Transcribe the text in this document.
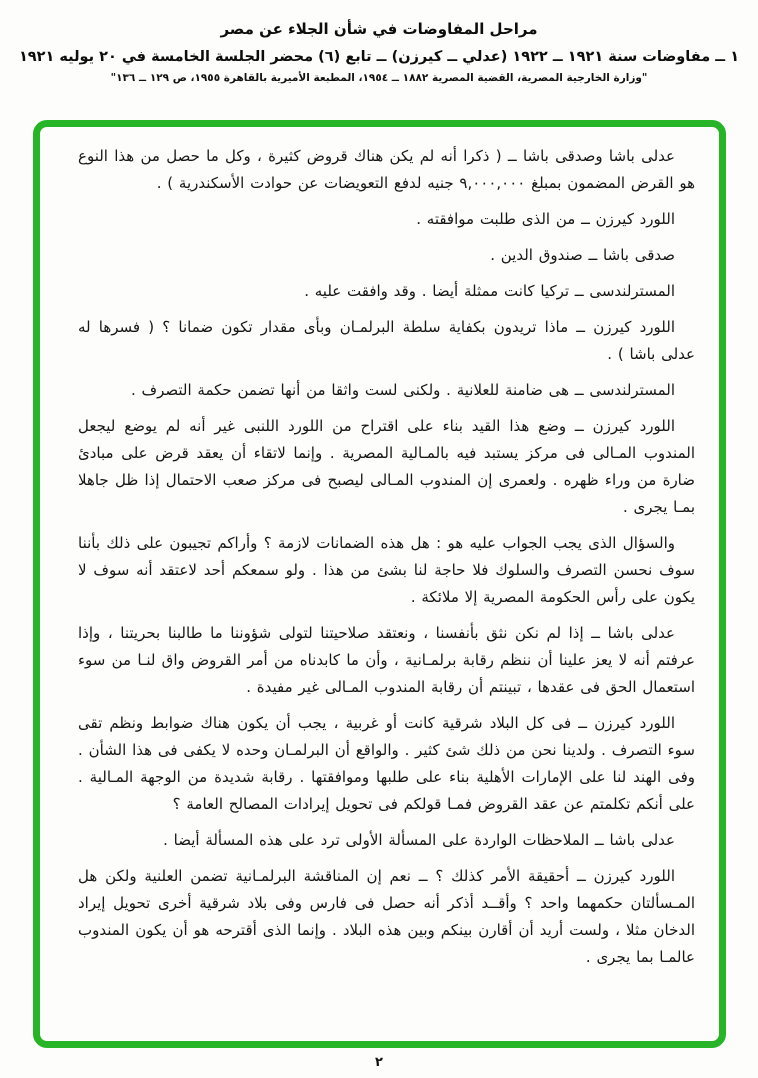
مراحل المفاوضات في شأن الجلاء عن مصر
١ ــ مفاوضات سنة ١٩٢١ ــ ١٩٢٢ (عدلي ــ كيرزن) ــ تابع (٦) محضر الجلسة الخامسة في ٢٠ يوليه ١٩٢١
"وزارة الخارجية المصرية، القضية المصرية ١٨٨٢ ــ ١٩٥٤، المطبعة الأميرية بالقاهرة ١٩٥٥، ص ١٢٩ ــ ١٣٦"

عدلى باشا وصدقى باشا ــ ( ذكرا أنه لم يكن هناك قروض كثيرة ، وكل ما حصل من هذا النوع هو القرض المضمون بمبلغ ٩,٠٠٠,٠٠٠ جنيه لدفع التعويضات عن حوادت الأسكندرية ) .

اللورد كيرزن ــ من الذى طلبت موافقته .

صدقى باشا ــ صندوق الدين .

المسترلندسى ــ تركيا كانت ممثلة أيضا . وقد وافقت عليه .

اللورد كيرزن ــ ماذا تريدون بكفاية سلطة البرلمـان وبأى مقدار تكون ضمانا ؟ ( فسرها له عدلى باشا ) .

المسترلندسى ــ هى ضامنة للعلانية . ولكنى لست واثقا من أنها تضمن حكمة التصرف .

اللورد كيرزن ــ وضع هذا القيد بناء على اقتراح من اللورد اللنبى غير أنه لم يوضع ليجعل المندوب المـالى فى مركز يستبد فيه بالمـالية المصرية . وإنما لاتقاء أن يعقد قرض على مبادئ ضارة من وراء ظهره . ولعمرى إن المندوب المـالى ليصبح فى مركز صعب الاحتمال إذا ظل جاهلا بمـا يجرى .

والسؤال الذى يجب الجواب عليه هو : هل هذه الضمانات لازمة ؟ وأراكم تجيبون على ذلك بأننا سوف نحسن التصرف والسلوك فلا حاجة لنا بشئ من هذا . ولو سمعكم أحد لاعتقد أنه سوف لا يكون على رأس الحكومة المصرية إلا ملائكة .

عدلى باشا ــ إذا لم نكن نثق بأنفسنا ، ونعتقد صلاحيتنا لتولى شؤوننا ما طالبنا بحريتنا ، وإذا عرفتم أنه لا يعز علينا أن ننظم رقابة برلمـانية ، وأن ما كابدناه من أمر القروض واق لنـا من سوء استعمال الحق فى عقدها ، تبينتم أن رقابة المندوب المـالى غير مفيدة .

اللورد كيرزن ــ فى كل البلاد شرقية كانت أو غربية ، يجب أن يكون هناك ضوابط ونظم تقى سوء التصرف . ولدينا نحن من ذلك شئ كثير . والواقع أن البرلمـان وحده لا يكفى فى هذا الشأن . وفى الهند لنا على الإمارات الأهلية بناء على طلبها وموافقتها . رقابة شديدة من الوجهة المـالية . على أنكم تكلمتم عن عقد القروض فمـا قولكم فى تحويل إيرادات المصالح العامة ؟

عدلى باشا ــ الملاحظات الواردة على المسألة الأولى ترد على هذه المسألة أيضا .

اللورد كيرزن ــ أحقيقة الأمر كذلك ؟ ــ نعم إن المناقشة البرلمـانية تضمن العلنية ولكن هل المـسألتان حكمهما واحد ؟ وأقــد أذكر أنه حصل فى فارس وفى بلاد شرقية أخرى تحويل إيراد الدخان مثلا ، ولست أريد أن أقارن بينكم وبين هذه البلاد . وإنما الذى أقترحه هو أن يكون المندوب عالمـا بما يجرى .

٢
